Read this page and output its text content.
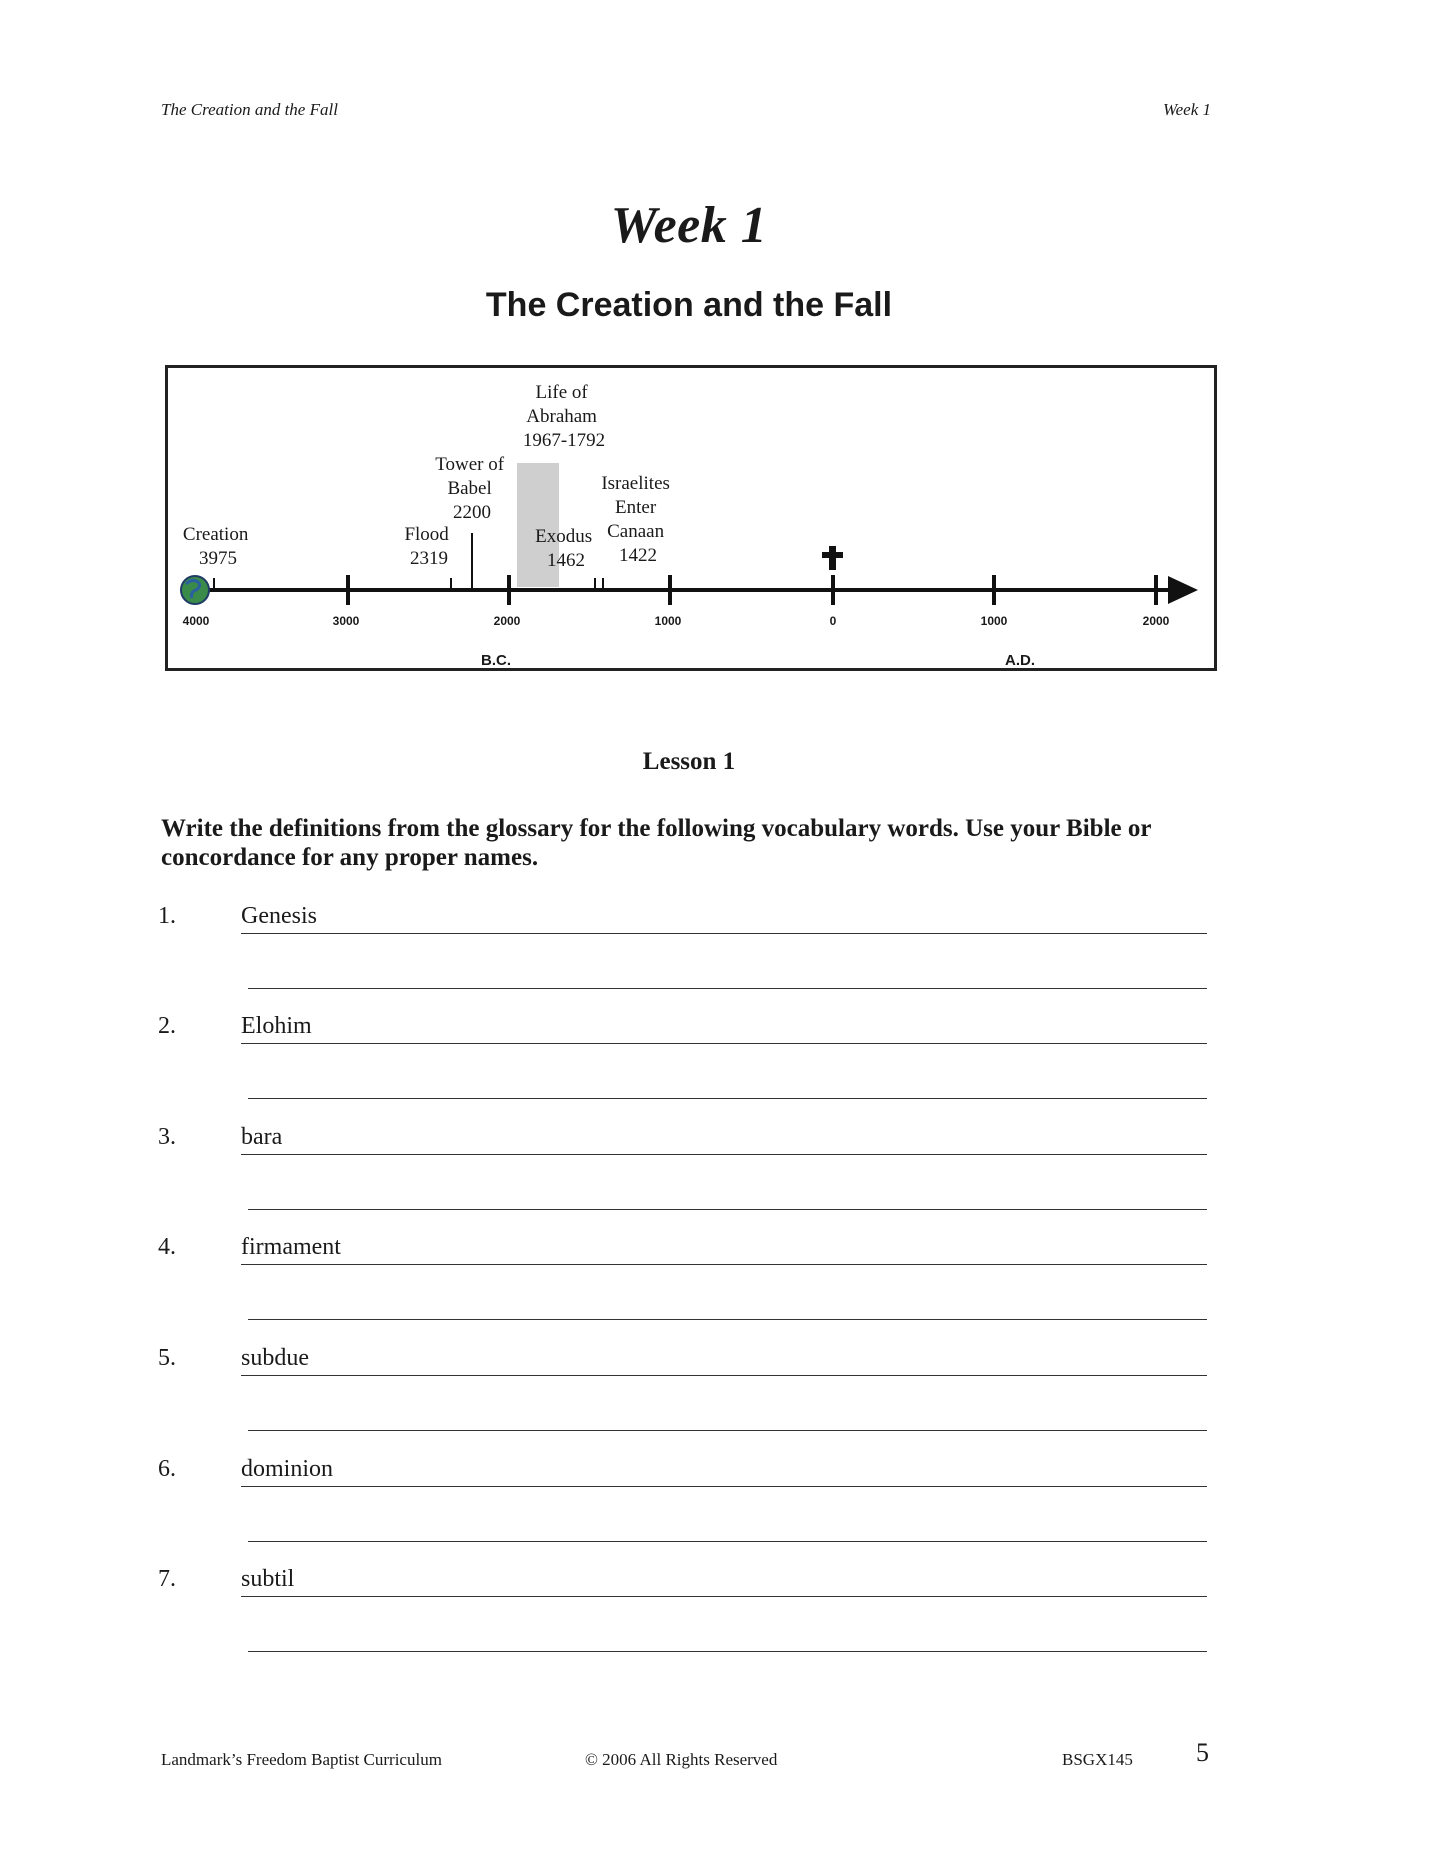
The Creation and the Fall	Week 1
Week 1
The Creation and the Fall
Creation 3975
Flood 2319
Tower of Babel 2200
Life of Abraham 1967-1792
Exodus 1462
Israelites Enter Canaan 1422
4000	3000	2000	1000	0	1000	2000
B.C.	A.D.
Lesson 1
Write the definitions from the glossary for the following vocabulary words. Use your Bible or concordance for any proper names.
1.	Genesis
2.	Elohim
3.	bara
4.	firmament
5.	subdue
6.	dominion
7.	subtil
Landmark’s Freedom Baptist Curriculum	© 2006 All Rights Reserved	BSGX145 5
